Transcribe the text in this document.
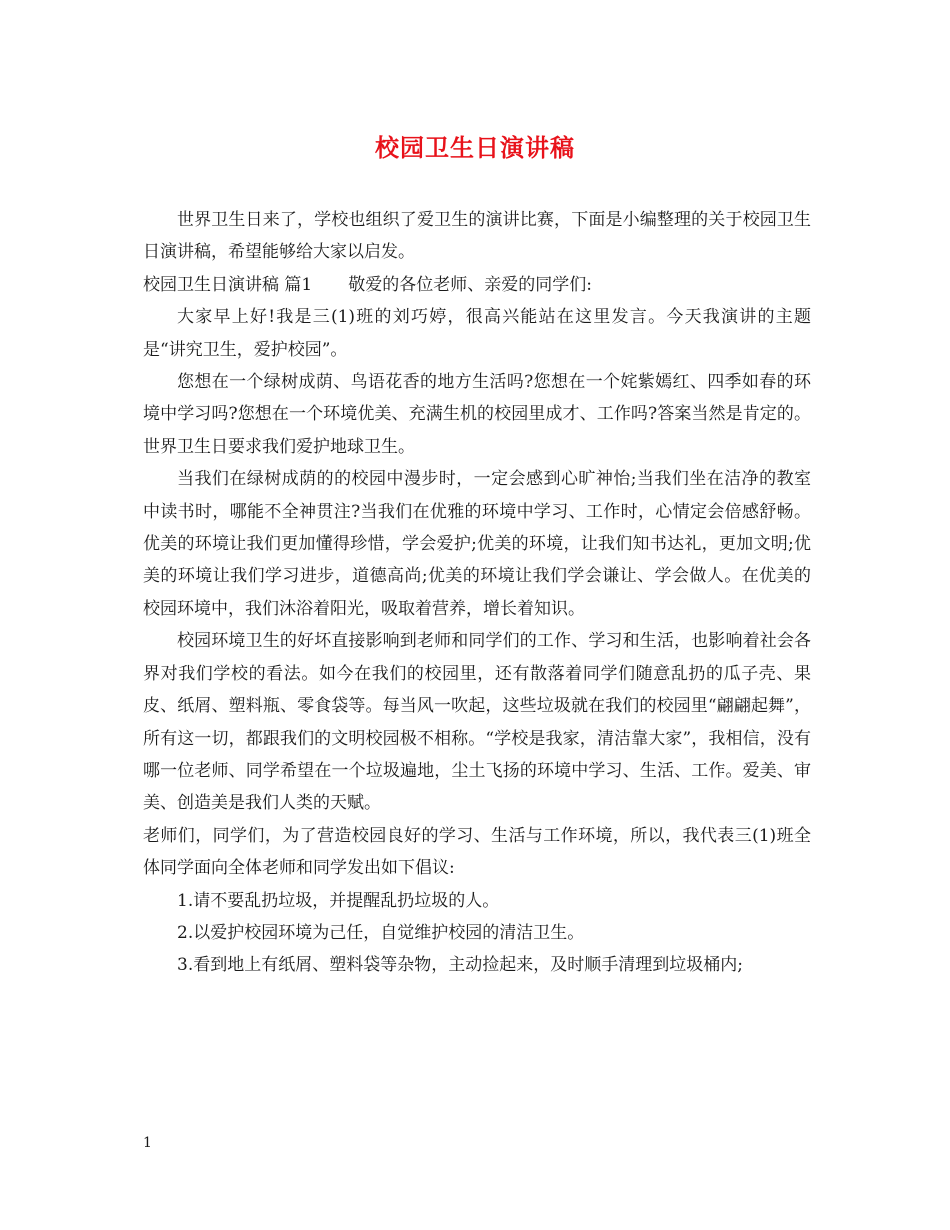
校园卫生日演讲稿

世界卫生日来了，学校也组织了爱卫生的演讲比赛，下面是小编整理的关于校园卫生日演讲稿，希望能够给大家以启发。

校园卫生日演讲稿 篇1 敬爱的各位老师、亲爱的同学们:

大家早上好!我是三(1)班的刘巧婷，很高兴能站在这里发言。今天我演讲的主题是“讲究卫生，爱护校园”。

您想在一个绿树成荫、鸟语花香的地方生活吗?您想在一个姹紫嫣红、四季如春的环境中学习吗?您想在一个环境优美、充满生机的校园里成才、工作吗?答案当然是肯定的。世界卫生日要求我们爱护地球卫生。

当我们在绿树成荫的的校园中漫步时，一定会感到心旷神怡;当我们坐在洁净的教室中读书时，哪能不全神贯注?当我们在优雅的环境中学习、工作时，心情定会倍感舒畅。优美的环境让我们更加懂得珍惜，学会爱护;优美的环境，让我们知书达礼，更加文明;优美的环境让我们学习进步，道德高尚;优美的环境让我们学会谦让、学会做人。在优美的校园环境中，我们沐浴着阳光，吸取着营养，增长着知识。

校园环境卫生的好坏直接影响到老师和同学们的工作、学习和生活，也影响着社会各界对我们学校的看法。如今在我们的校园里，还有散落着同学们随意乱扔的瓜子壳、果皮、纸屑、塑料瓶、零食袋等。每当风一吹起，这些垃圾就在我们的校园里“翩翩起舞”，所有这一切，都跟我们的文明校园极不相称。“学校是我家，清洁靠大家”，我相信，没有哪一位老师、同学希望在一个垃圾遍地，尘土飞扬的环境中学习、生活、工作。爱美、审美、创造美是我们人类的天赋。

老师们，同学们，为了营造校园良好的学习、生活与工作环境，所以，我代表三(1)班全体同学面向全体老师和同学发出如下倡议:

1.请不要乱扔垃圾，并提醒乱扔垃圾的人。

2.以爱护校园环境为己任，自觉维护校园的清洁卫生。

3.看到地上有纸屑、塑料袋等杂物，主动捡起来，及时顺手清理到垃圾桶内;

1
